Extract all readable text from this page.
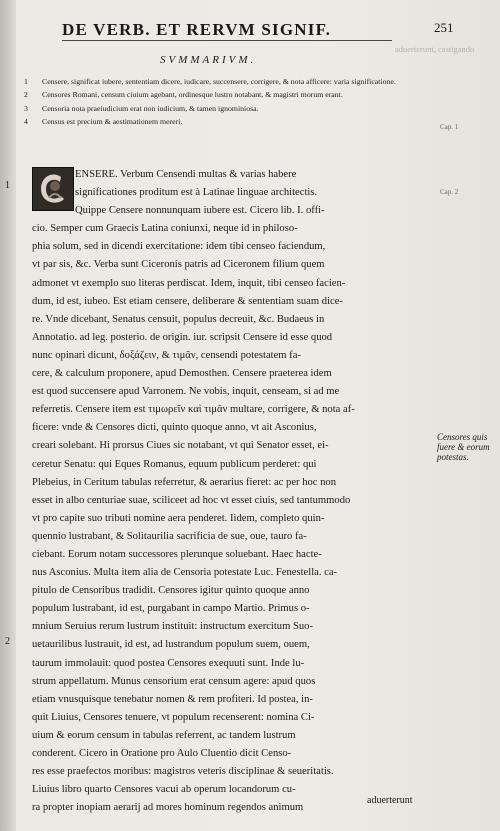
DE VERB. ET RERVM SIGNIF.	251
aduerterunt, castigando
Cap. 1
Cap. 2
SVMMARIVM.
1	Censere, significat iubere, sententiam dicere, iudicare, succensere, corrigere, & nota afficere: varia significatione.
2	Censores Romani, censum ciuium agebant, ordinesque lustro notabant, & magistri morum erant.
3	Censoria nota praeiudicium erat non iudicium, & tamen ignominiosa.
4	Census est precium & aestimationem mereri.
1
2
ENSERE. Verbum Censendi multas & varias habere
significationes proditum est à Latinae linguae architectis.
Quippe Censere nonnunquam iubere est. Cicero lib. I. offi-
cio. Semper cum Graecis Latina coniunxi, neque id in philoso-
phia solum, sed in dicendi exercitatione: idem tibi censeo faciendum,
vt par sis, &c. Verba sunt Ciceronis patris ad Ciceronem filium quem
admonet vt exemplo suo literas perdiscat. Idem, inquit, tibi censeo facien-
dum, id est, iubeo. Est etiam censere, deliberare & sententiam suam dice-
re. Vnde dicebant, Senatus censuit, populus decreuit, &c. Budaeus in
Annotatio. ad leg. posterio. de origin. iur. scripsit Censere id esse quod
nunc opinari dicunt, δοξάζειν, & τιμᾶν, censendi potestatem fa-
cere, & calculum proponere, apud Demosthen. Censere praeterea idem
est quod succensere apud Varronem. Ne vobis, inquit, censeam, si ad me
referretis. Censere item est τιμωρεῖν καὶ τιμᾶν multare, corrigere, & nota af-
ficere: vnde & Censores dicti, quinto quoque anno, vt ait Asconius,
creari solebant. Hi prorsus Ciues sic notabant, vt qui Senator esset, ei-
ceretur Senatu: qui Eques Romanus, equum publicum perderet: qui
Plebeius, in Ceritum tabulas referretur, & aerarius fieret: ac per hoc non
esset in albo centuriae suae, sciliceet ad hoc vt esset ciuis, sed tantummodo
vt pro capite suo tributi nomine aera penderet. Iidem, completo quin-
quennio lustrabant, & Solitaurilia sacrificia de sue, oue, tauro fa-
ciebant. Eorum notam successores plerunque soluebant. Haec hacte-
nus Asconius. Multa item alia de Censoria potestate Luc. Fenestella. ca-
pitulo de Censoribus tradidit. Censores igitur quinto quoque anno
populum lustrabant, id est, purgabant in campo Martio. Primus o-
mnium Seruius rerum lustrum instituit: instructum exercitum Suo-
uetaurilibus lustrauit, id est, ad lustrandum populum suem, ouem,
taurum immolauit: quod postea Censores exequuti sunt. Inde lu-
strum appellatum. Munus censorium erat censum agere: apud quos
etiam vnusquisque tenebatur nomen & rem profiteri. Id postea, in-
quit Liuius, Censores tenuere, vt populum recenserent: nomina Ci-
uium & eorum censum in tabulas referrent, ac tandem lustrum
conderent. Cicero in Oratione pro Aulo Cluentio dicit Censo-
res esse praefectos moribus: magistros veteris disciplinae & seueritatis.
Liuius libro quarto Censores vacui ab operum locandorum cu-
ra propter inopiam aerarij ad mores hominum regendos animum
Censores quis fuere & eorum potestas.
aduerterunt
